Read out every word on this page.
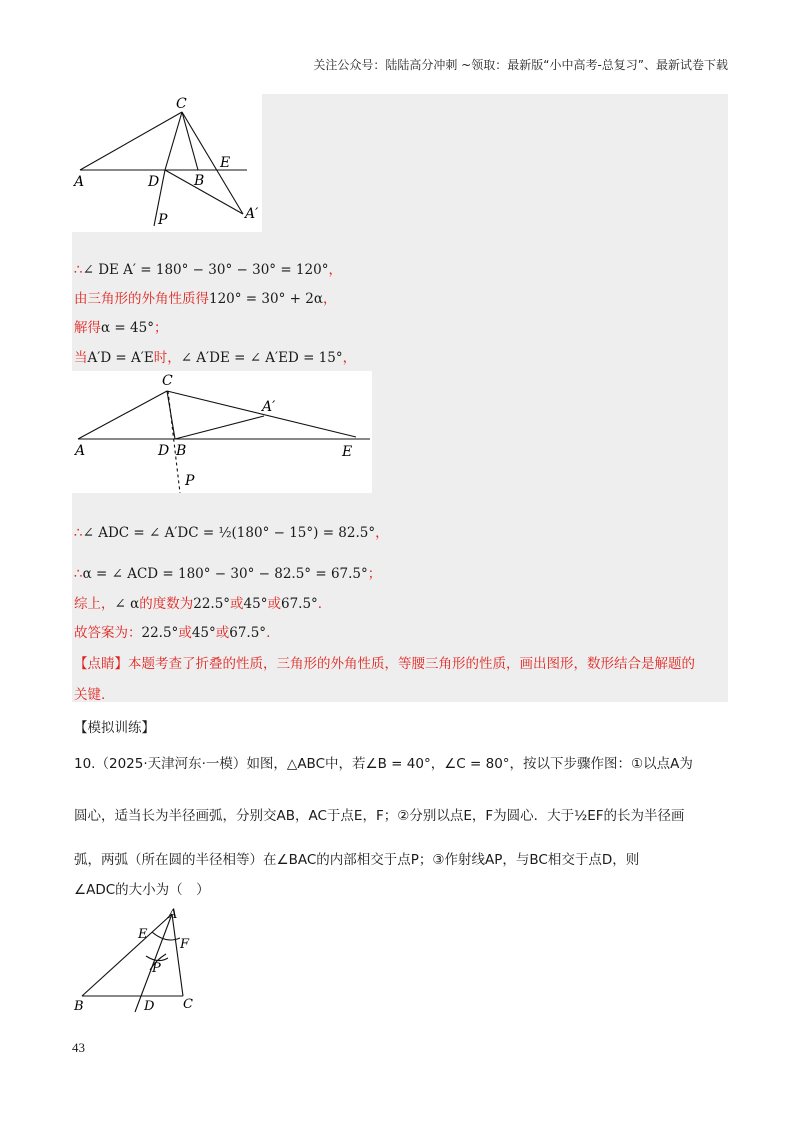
关注公众号：陆陆高分冲刺 ~领取：最新版“小中高考-总复习”、最新试卷下载
C
E
A	D B
A′
P
∴∠ DE A′ = 180° − 30° − 30° = 120°，
由三角形的外角性质得120° = 30° + 2α，
解得α = 45°；
当A′D = A′E时，∠ A′DE = ∠ A′ED = 15°，
C
A′
A	D B	E
P
∴∠ ADC = ∠ A′DC = ½(180° − 15°) = 82.5°，
∴α = ∠ ACD = 180° − 30° − 82.5° = 67.5°；
综上，∠ α的度数为22.5°或45°或67.5°.
故答案为：22.5°或45°或67.5°.
【点睛】本题考查了折叠的性质，三角形的外角性质，等腰三角形的性质，画出图形，数形结合是解题的
关键.
【模拟训练】
10.（2025·天津河东·一模）如图，△ABC中，若∠B = 40°，∠C = 80°，按以下步骤作图：①以点A为
圆心，适当长为半径画弧，分别交AB，AC于点E，F；②分别以点E，F为圆心．大于½EF的长为半径画
弧，两弧（所在圆的半径相等）在∠BAC的内部相交于点P；③作射线AP，与BC相交于点D，则
∠ADC的大小为（　）
A
E
F
P
B	D C
43
